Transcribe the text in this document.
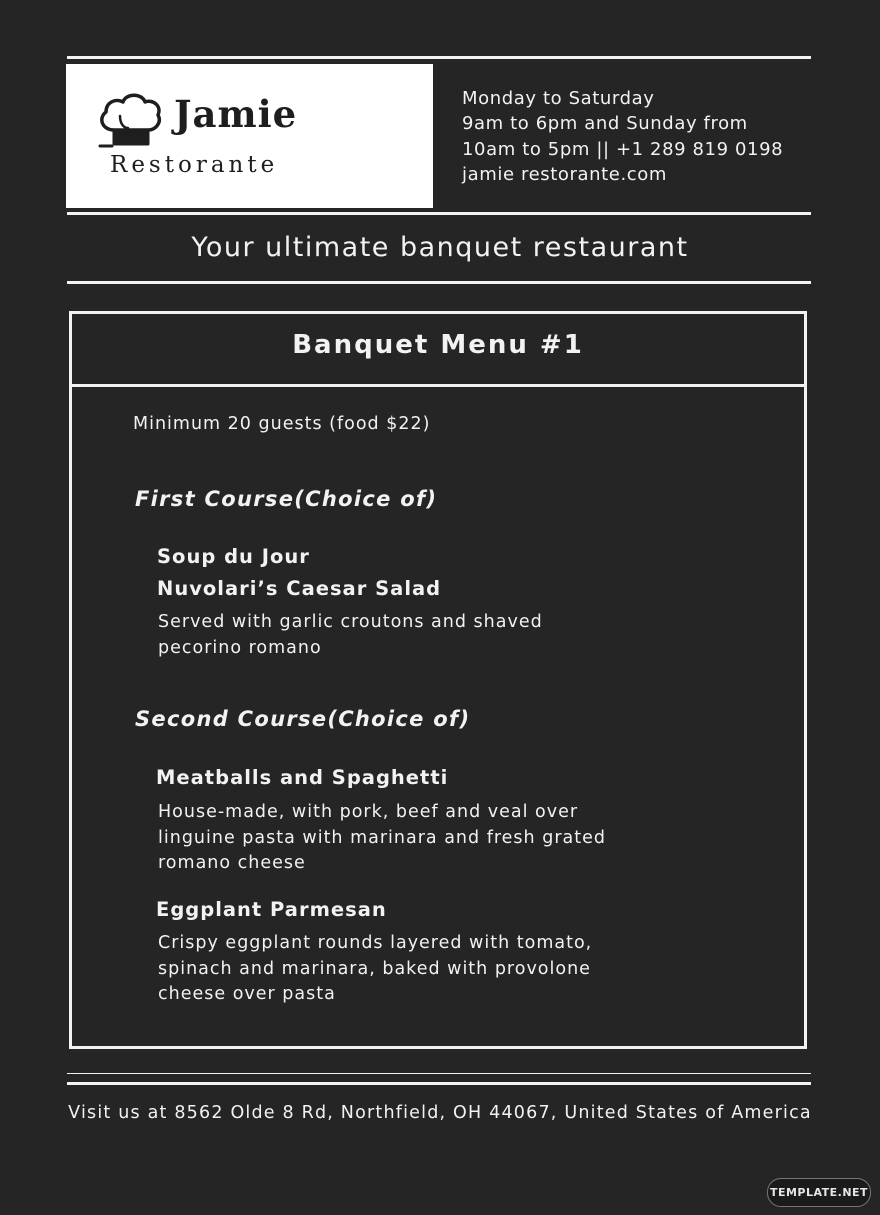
Jamie
Restorante
Monday to Saturday
9am to 6pm and Sunday from
10am to 5pm || +1 289 819 0198
jamie restorante.com
Your ultimate banquet restaurant
Banquet Menu #1
Minimum 20 guests (food $22)
First Course(Choice of)
Soup du Jour
Nuvolari’s Caesar Salad
Served with garlic croutons and shaved
pecorino romano
Second Course(Choice of)
Meatballs and Spaghetti
House-made, with pork, beef and veal over
linguine pasta with marinara and fresh grated
romano cheese
Eggplant Parmesan
Crispy eggplant rounds layered with tomato,
spinach and marinara, baked with provolone
cheese over pasta
Visit us at 8562 Olde 8 Rd, Northfield, OH 44067, United States of America
TEMPLATE.NET
